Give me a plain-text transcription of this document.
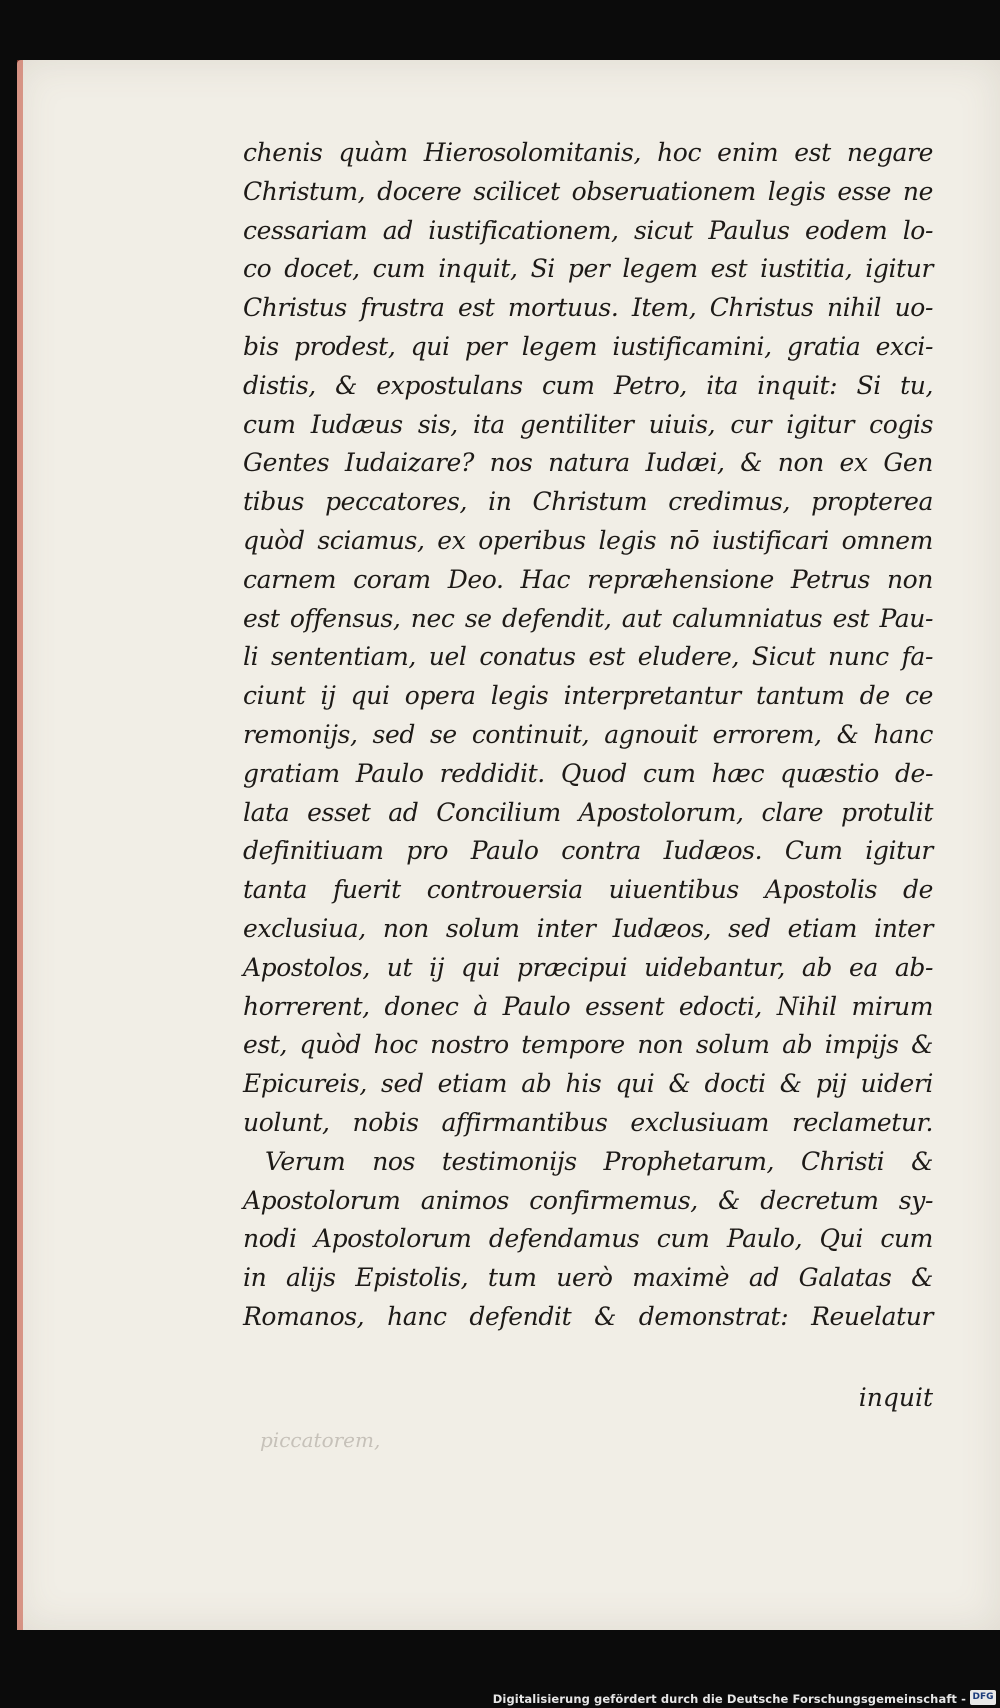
chenis quàm Hierosolomitanis, hoc enim est negare
Christum, docere scilicet obseruationem legis esse ne
cessariam ad iustificationem, sicut Paulus eodem lo-
co docet, cum inquit, Si per legem est iustitia, igitur
Christus frustra est mortuus. Item, Christus nihil uo-
bis prodest, qui per legem iustificamini, gratia exci-
distis, & expostulans cum Petro, ita inquit: Si tu,
cum Iudæus sis, ita gentiliter uiuis, cur igitur cogis
Gentes Iudaizare? nos natura Iudæi, & non ex Gen
tibus peccatores, in Christum credimus, propterea
quòd sciamus, ex operibus legis nō iustificari omnem
carnem coram Deo. Hac repræhensione Petrus non
est offensus, nec se defendit, aut calumniatus est Pau-
li sententiam, uel conatus est eludere, Sicut nunc fa-
ciunt ij qui opera legis interpretantur tantum de ce
remonijs, sed se continuit, agnouit errorem, & hanc
gratiam Paulo reddidit. Quod cum hæc quæstio de-
lata esset ad Concilium Apostolorum, clare protulit
definitiuam pro Paulo contra Iudæos. Cum igitur
tanta fuerit controuersia uiuentibus Apostolis de
exclusiua, non solum inter Iudæos, sed etiam inter
Apostolos, ut ij qui præcipui uidebantur, ab ea ab-
horrerent, donec à Paulo essent edocti, Nihil mirum
est, quòd hoc nostro tempore non solum ab impijs &
Epicureis, sed etiam ab his qui & docti & pij uideri
uolunt, nobis affirmantibus exclusiuam reclametur.
Verum nos testimonijs Prophetarum, Christi &
Apostolorum animos confirmemus, & decretum sy-
nodi Apostolorum defendamus cum Paulo, Qui cum
in alijs Epistolis, tum uerò maximè ad Galatas &
Romanos, hanc defendit & demonstrat: Reuelatur
inquit
piccatorem,
Digitalisierung gefördert durch die Deutsche Forschungsgemeinschaft - DFG
